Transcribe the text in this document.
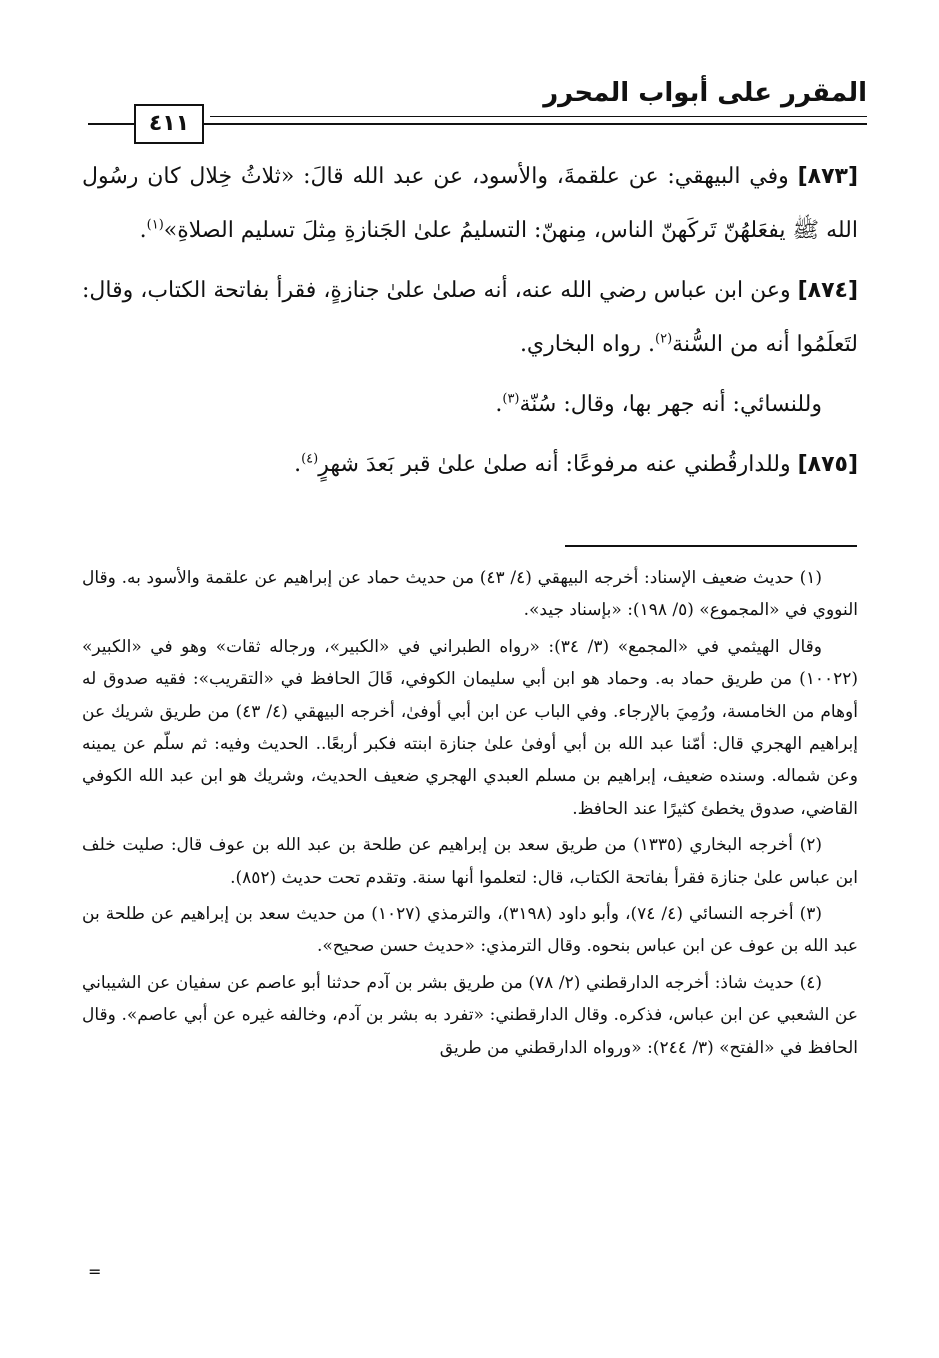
المقرر على أبواب المحرر
٤١١

[٨٧٣] وفي البيهقي: عن علقمةَ، والأسود، عن عبد الله قالَ: «ثلاثُ خِلال كان رسُول الله ﷺ يفعَلهُنّ تَركَهنّ الناس، مِنهنّ: التسليمُ علىٰ الجَنازةِ مِثلَ تسليم الصلاةِ»$^{(١)}$.

[٨٧٤] وعن ابن عباس رضي الله عنه، أنه صلىٰ علىٰ جنازةٍ، فقرأ بفاتحة الكتاب، وقال: لتَعلَمُوا أنه من السُّنة$^{(٢)}$. رواه البخاري.

وللنسائي: أنه جهر بها، وقال: سُنّة$^{(٣)}$.

[٨٧٥] وللدارقُطني عنه مرفوعًا: أنه صلىٰ علىٰ قبر بَعدَ شهرٍ$^{(٤)}$.

(١) حديث ضعيف الإسناد: أخرجه البيهقي (٤/ ٤٣) من حديث حماد عن إبراهيم عن علقمة والأسود به. وقال النووي في «المجموع» (٥/ ١٩٨): «بإسناد جيد».

وقال الهيثمي في «المجمع» (٣/ ٣٤): «رواه الطبراني في «الكبير»، ورجاله ثقات» وهو في «الكبير» (١٠٠٢٢) من طريق حماد به. وحماد هو ابن أبي سليمان الكوفي، قَالَ الحافظ في «التقريب»: فقيه صدوق له أوهام من الخامسة، ورُمِيَ بالإرجاء. وفي الباب عن ابن أبي أوفىٰ، أخرجه البيهقي (٤/ ٤٣) من طريق شريك عن إبراهيم الهجري قال: أمّنا عبد الله بن أبي أوفىٰ علىٰ جنازة ابنته فكبر أربعًا.. الحديث وفيه: ثم سلّم عن يمينه وعن شماله. وسنده ضعيف، إبراهيم بن مسلم العبدي الهجري ضعيف الحديث، وشريك هو ابن عبد الله الكوفي القاضي، صدوق يخطئ كثيرًا عند الحافظ.

(٢) أخرجه البخاري (١٣٣٥) من طريق سعد بن إبراهيم عن طلحة بن عبد الله بن عوف قال: صليت خلف ابن عباس علىٰ جنازة فقرأ بفاتحة الكتاب، قال: لتعلموا أنها سنة. وتقدم تحت حديث (٨٥٢).

(٣) أخرجه النسائي (٤/ ٧٤)، وأبو داود (٣١٩٨)، والترمذي (١٠٢٧) من حديث سعد بن إبراهيم عن طلحة بن عبد الله بن عوف عن ابن عباس بنحوه. وقال الترمذي: «حديث حسن صحيح».

(٤) حديث شاذ: أخرجه الدارقطني (٢/ ٧٨) من طريق بشر بن آدم حدثنا أبو عاصم عن سفيان عن الشيباني عن الشعبي عن ابن عباس، فذكره. وقال الدارقطني: «تفرد به بشر بن آدم، وخالفه غيره عن أبي عاصم». وقال الحافظ في «الفتح» (٣/ ٢٤٤): «ورواه الدارقطني من طريق

=
